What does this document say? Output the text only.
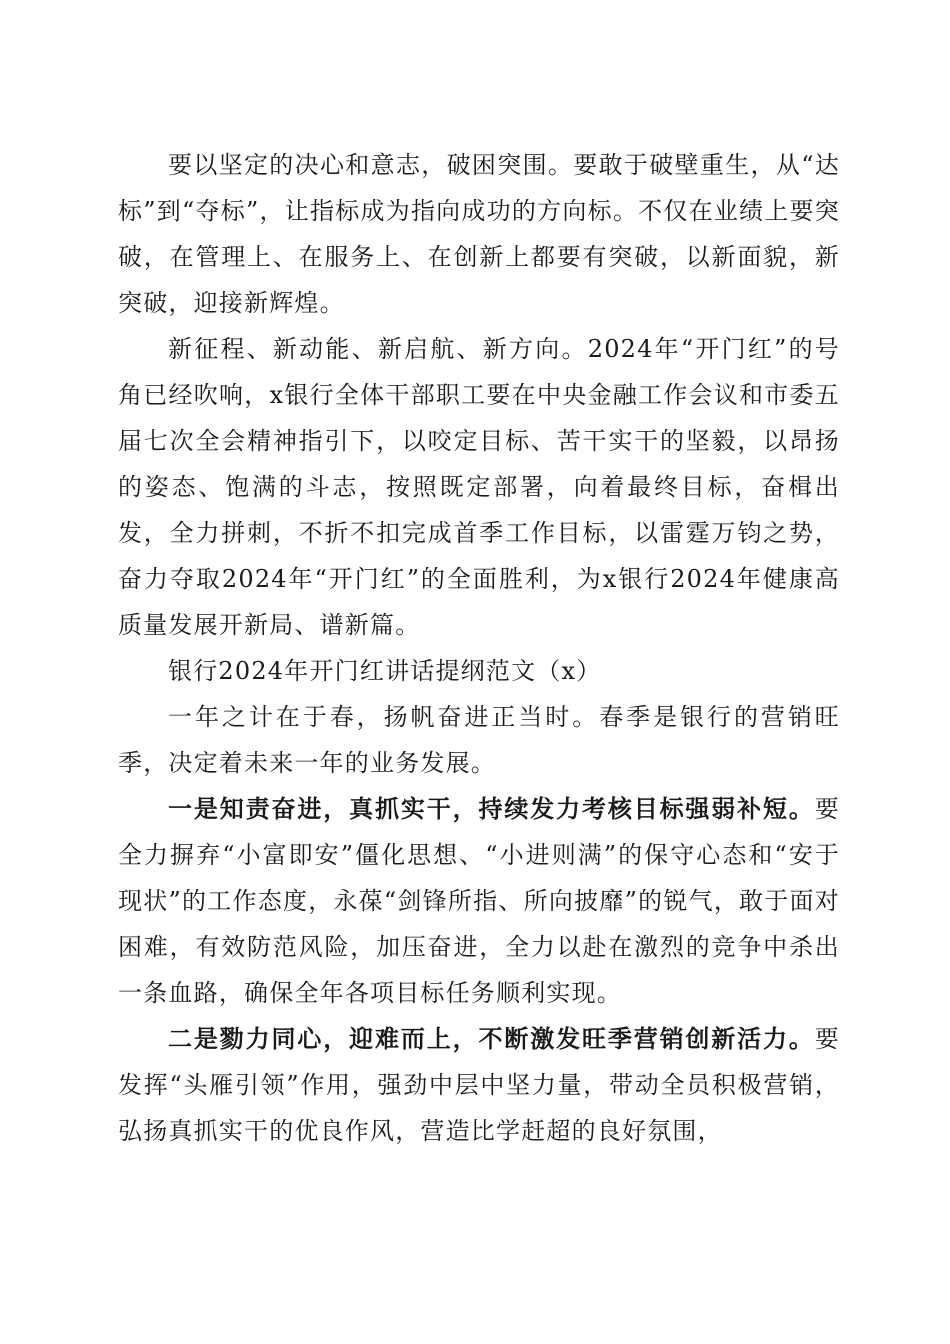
要以坚定的决心和意志，破困突围。要敢于破壁重生，从“达标”到“夺标”，让指标成为指向成功的方向标。不仅在业绩上要突破，在管理上、在服务上、在创新上都要有突破，以新面貌，新突破，迎接新辉煌。

新征程、新动能、新启航、新方向。2024年“开门红”的号角已经吹响，x银行全体干部职工要在中央金融工作会议和市委五届七次全会精神指引下，以咬定目标、苦干实干的坚毅，以昂扬的姿态、饱满的斗志，按照既定部署，向着最终目标，奋楫出发，全力拼刺，不折不扣完成首季工作目标，以雷霆万钧之势，奋力夺取2024年“开门红”的全面胜利，为x银行2024年健康高质量发展开新局、谱新篇。

银行2024年开门红讲话提纲范文（x）

一年之计在于春，扬帆奋进正当时。春季是银行的营销旺季，决定着未来一年的业务发展。

一是知责奋进，真抓实干，持续发力考核目标强弱补短。要全力摒弃“小富即安”僵化思想、“小进则满”的保守心态和“安于现状”的工作态度，永葆“剑锋所指、所向披靡”的锐气，敢于面对困难，有效防范风险，加压奋进，全力以赴在激烈的竞争中杀出一条血路，确保全年各项目标任务顺利实现。

二是勠力同心，迎难而上，不断激发旺季营销创新活力。要发挥“头雁引领”作用，强劲中层中坚力量，带动全员积极营销，弘扬真抓实干的优良作风，营造比学赶超的良好氛围，
